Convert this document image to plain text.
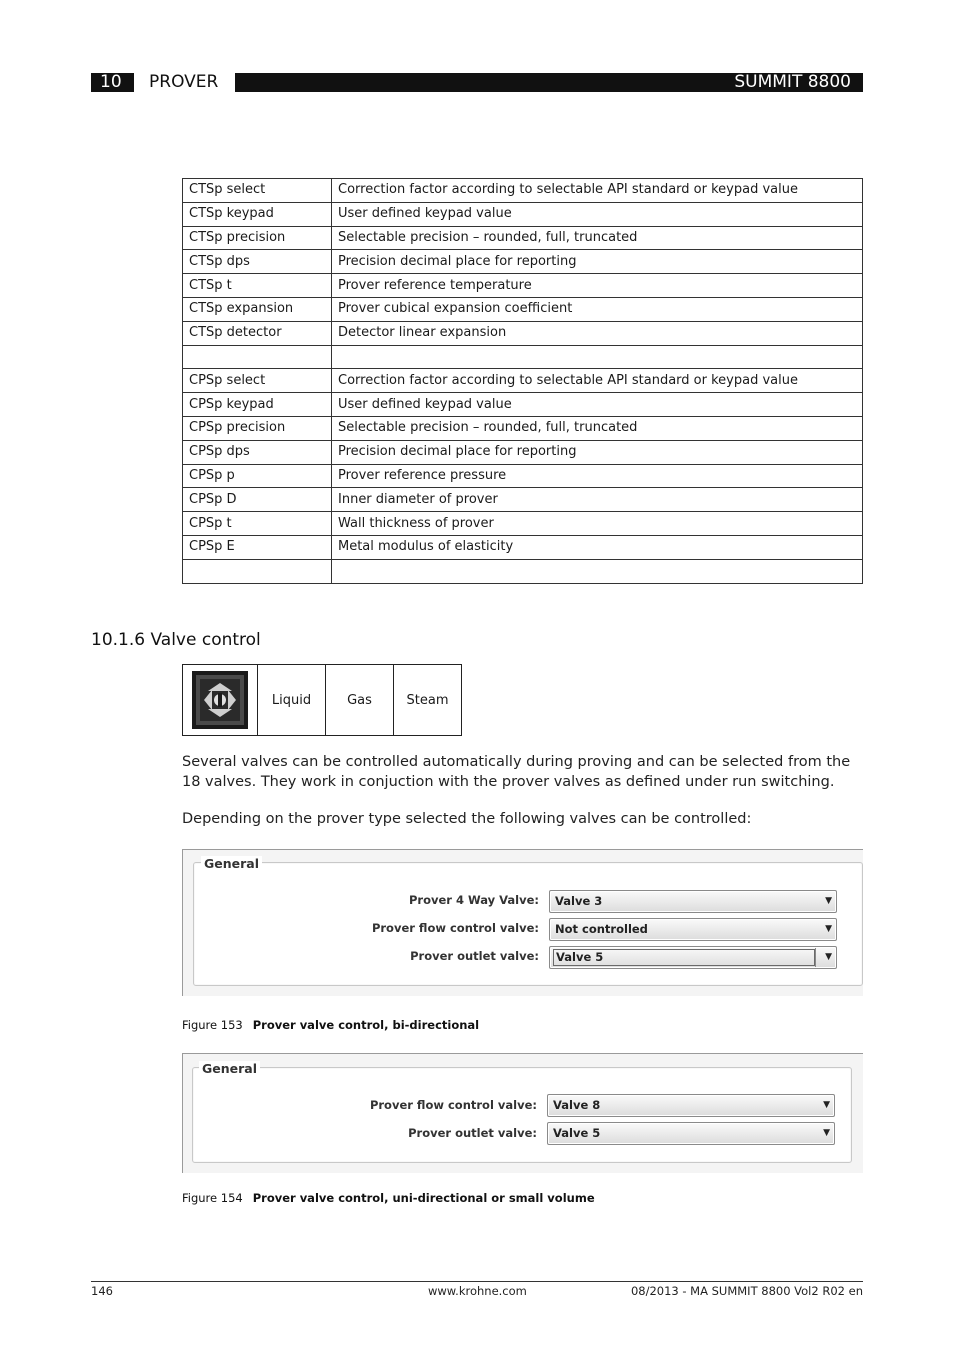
10	PROVER	SUMMIT 8800
CTSp select	Correction factor according to selectable API standard or keypad value
CTSp keypad	User defined keypad value
CTSp precision	Selectable precision – rounded, full, truncated
CTSp dps	Precision decimal place for reporting
CTSp t	Prover reference temperature
CTSp expansion	Prover cubical expansion coefficient
CTSp detector	Detector linear expansion

CPSp select	Correction factor according to selectable API standard or keypad value
CPSp keypad	User defined keypad value
CPSp precision	Selectable precision – rounded, full, truncated
CPSp dps	Precision decimal place for reporting
CPSp p	Prover reference pressure
CPSp D	Inner diameter of prover
CPSp t	Wall thickness of prover
CPSp E	Metal modulus of elasticity

10.1.6 Valve control
Liquid	Gas	Steam
Several valves can be controlled automatically during proving and can be selected from the 18 valves. They work in conjuction with the prover valves as defined under run switching.
Depending on the prover type selected the following valves can be controlled:
General
Prover 4 Way Valve:	Valve 3	▼
Prover flow control valve:	Not controlled	▼
Prover outlet valve:	Valve 5	▼
Figure 153 Prover valve control, bi-directional
General
Prover flow control valve:	Valve 8	▼
Prover outlet valve:	Valve 5	▼
Figure 154 Prover valve control, uni-directional or small volume
146	www.krohne.com	08/2013 - MA SUMMIT 8800 Vol2 R02 en
